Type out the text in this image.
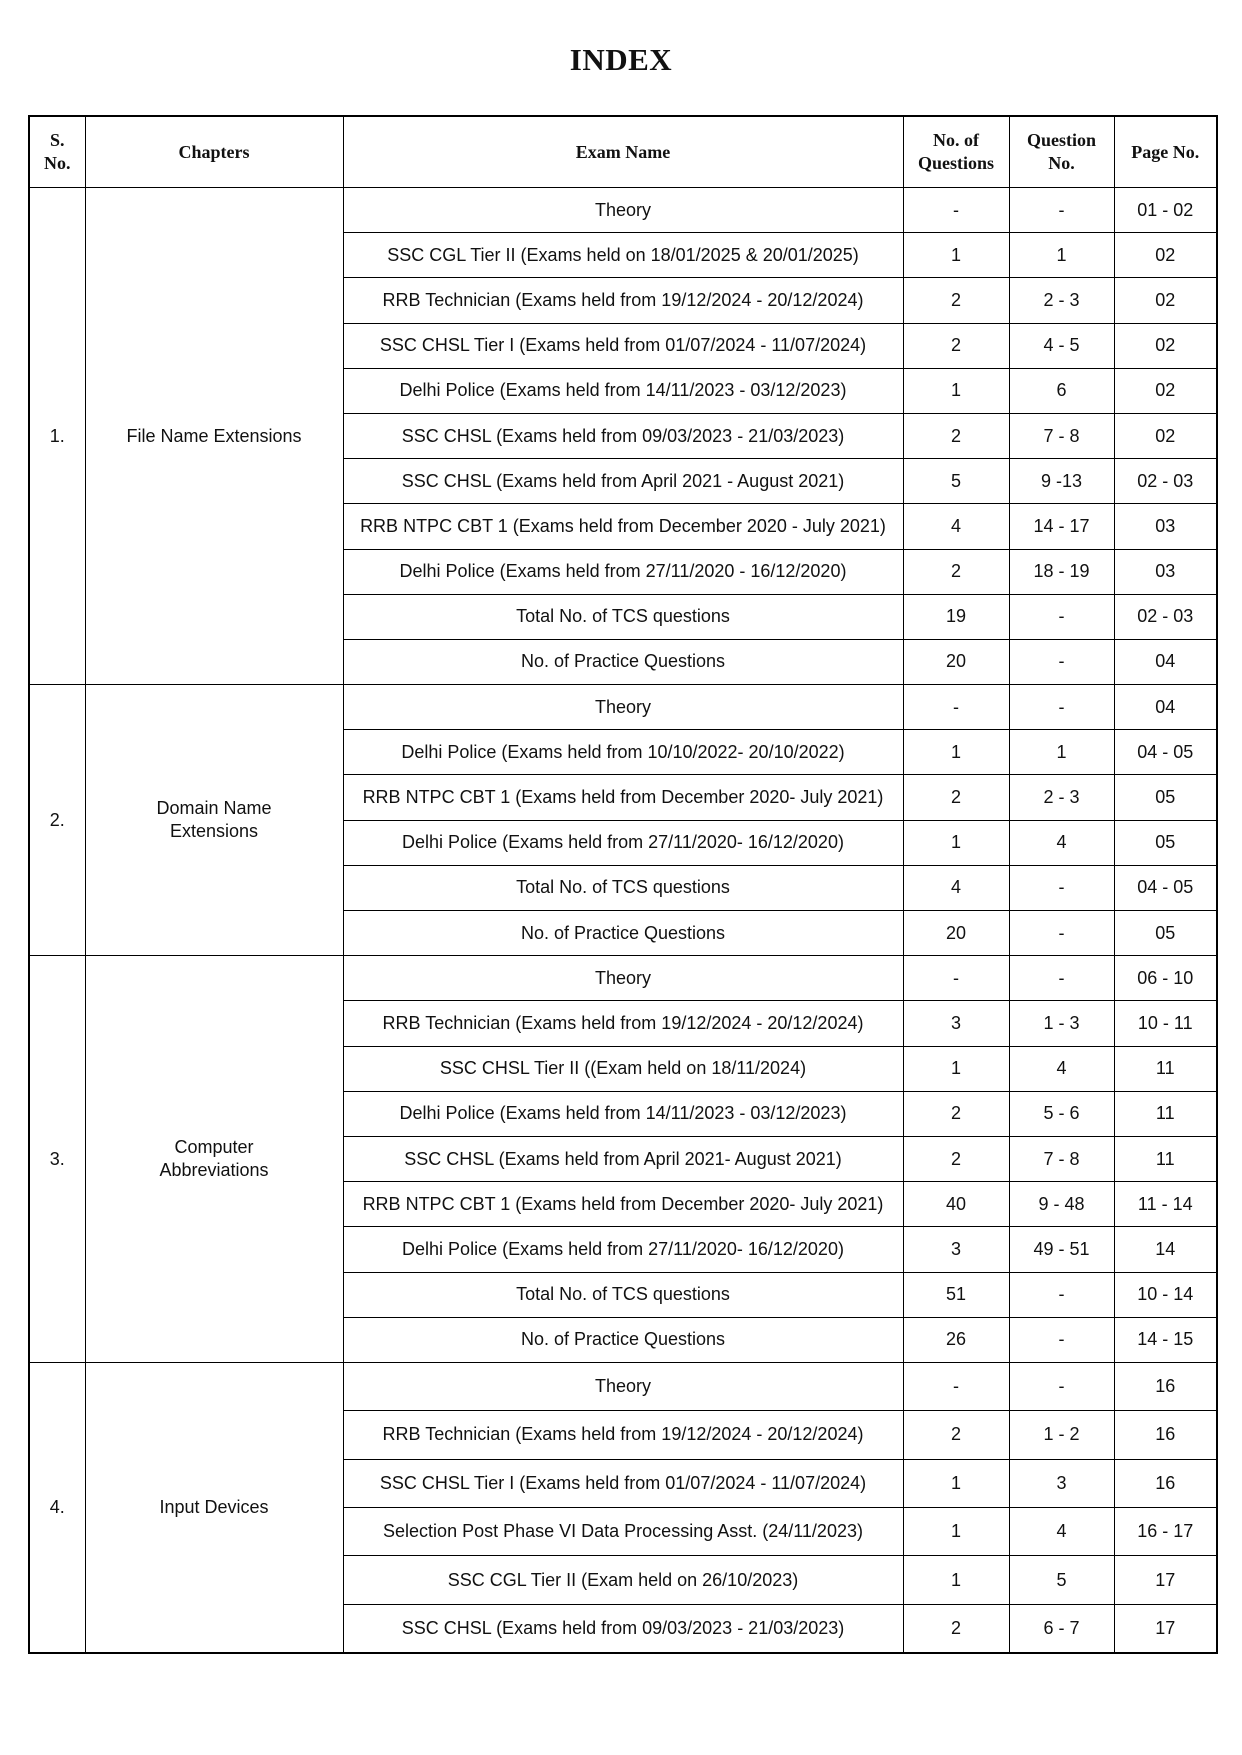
INDEX
S. No.	Chapters	Exam Name	No. of Questions	Question No.	Page No.
1.	File Name Extensions	Theory	-	-	01 - 02
		SSC CGL Tier II (Exams held on 18/01/2025 & 20/01/2025)	1	1	02
		RRB Technician (Exams held from 19/12/2024 - 20/12/2024)	2	2 - 3	02
		SSC CHSL Tier I (Exams held from 01/07/2024 - 11/07/2024)	2	4 - 5	02
		Delhi Police (Exams held from 14/11/2023 - 03/12/2023)	1	6	02
		SSC CHSL (Exams held from 09/03/2023 - 21/03/2023)	2	7 - 8	02
		SSC CHSL (Exams held from April 2021 - August 2021)	5	9 -13	02 - 03
		RRB NTPC CBT 1 (Exams held from December 2020 - July 2021)	4	14 - 17	03
		Delhi Police (Exams held from 27/11/2020 - 16/12/2020)	2	18 - 19	03
		Total No. of TCS questions	19	-	02 - 03
		No. of Practice Questions	20	-	04
2.	Domain Name Extensions	Theory	-	-	04
		Delhi Police (Exams held from 10/10/2022- 20/10/2022)	1	1	04 - 05
		RRB NTPC CBT 1 (Exams held from December 2020- July 2021)	2	2 - 3	05
		Delhi Police (Exams held from 27/11/2020- 16/12/2020)	1	4	05
		Total No. of TCS questions	4	-	04 - 05
		No. of Practice Questions	20	-	05
3.	Computer Abbreviations	Theory	-	-	06 - 10
		RRB Technician (Exams held from 19/12/2024 - 20/12/2024)	3	1 - 3	10 - 11
		SSC CHSL Tier II ((Exam held on 18/11/2024)	1	4	11
		Delhi Police (Exams held from 14/11/2023 - 03/12/2023)	2	5 - 6	11
		SSC CHSL (Exams held from April 2021- August 2021)	2	7 - 8	11
		RRB NTPC CBT 1 (Exams held from December 2020- July 2021)	40	9 - 48	11 - 14
		Delhi Police (Exams held from 27/11/2020- 16/12/2020)	3	49 - 51	14
		Total No. of TCS questions	51	-	10 - 14
		No. of Practice Questions	26	-	14 - 15
4.	Input Devices	Theory	-	-	16
		RRB Technician (Exams held from 19/12/2024 - 20/12/2024)	2	1 - 2	16
		SSC CHSL Tier I (Exams held from 01/07/2024 - 11/07/2024)	1	3	16
		Selection Post Phase VI Data Processing Asst. (24/11/2023)	1	4	16 - 17
		SSC CGL Tier II (Exam held on 26/10/2023)	1	5	17
		SSC CHSL (Exams held from 09/03/2023 - 21/03/2023)	2	6 - 7	17
